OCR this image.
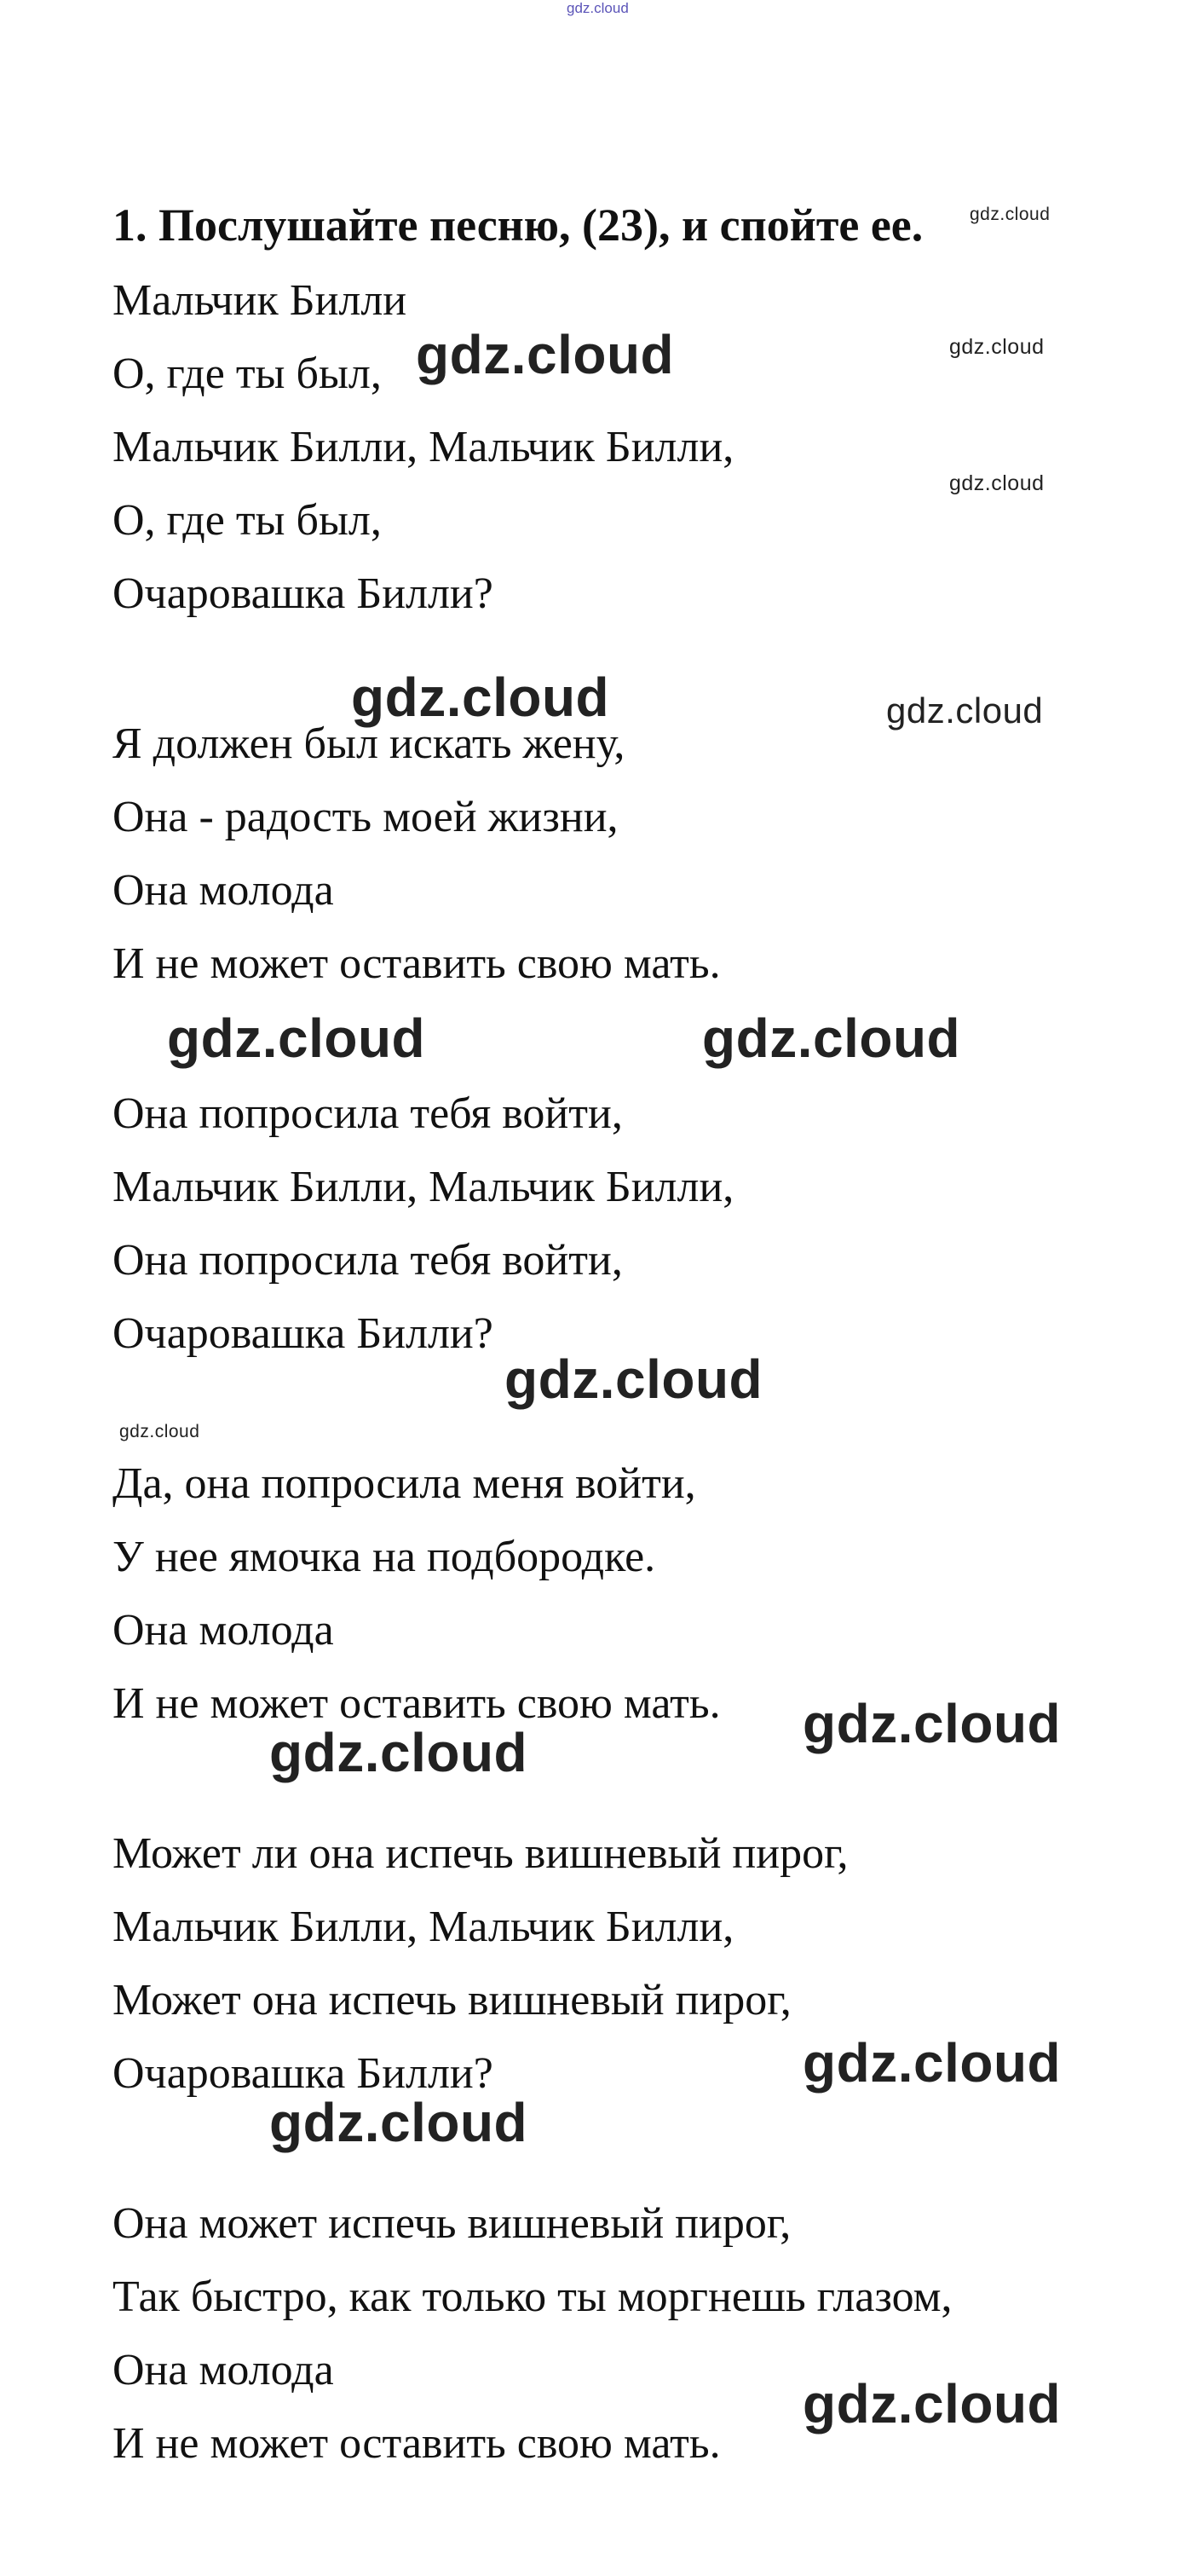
gdz.cloud
1. Послушайте песню, (23), и спойте ее.
Мальчик Билли
О, где ты был,
Мальчик Билли, Мальчик Билли,
О, где ты был,
Очаровашка Билли?
Я должен был искать жену,
Она - радость моей жизни,
Она молода
И не может оставить свою мать.
Она попросила тебя войти,
Мальчик Билли, Мальчик Билли,
Она попросила тебя войти,
Очаровашка Билли?
Да, она попросила меня войти,
У нее ямочка на подбородке.
Она молода
И не может оставить свою мать.
Может ли она испечь вишневый пирог,
Мальчик Билли, Мальчик Билли,
Может она испечь вишневый пирог,
Очаровашка Билли?
Она может испечь вишневый пирог,
Так быстро, как только ты моргнешь глазом,
Она молода
И не может оставить свою мать.
gdz.cloud
gdz.cloud	gdz.cloud
gdz.cloud
gdz.cloud	gdz.cloud
gdz.cloud	gdz.cloud
gdz.cloud
gdz.cloud
gdz.cloud
gdz.cloud
gdz.cloud
gdz.cloud
gdz.cloud
